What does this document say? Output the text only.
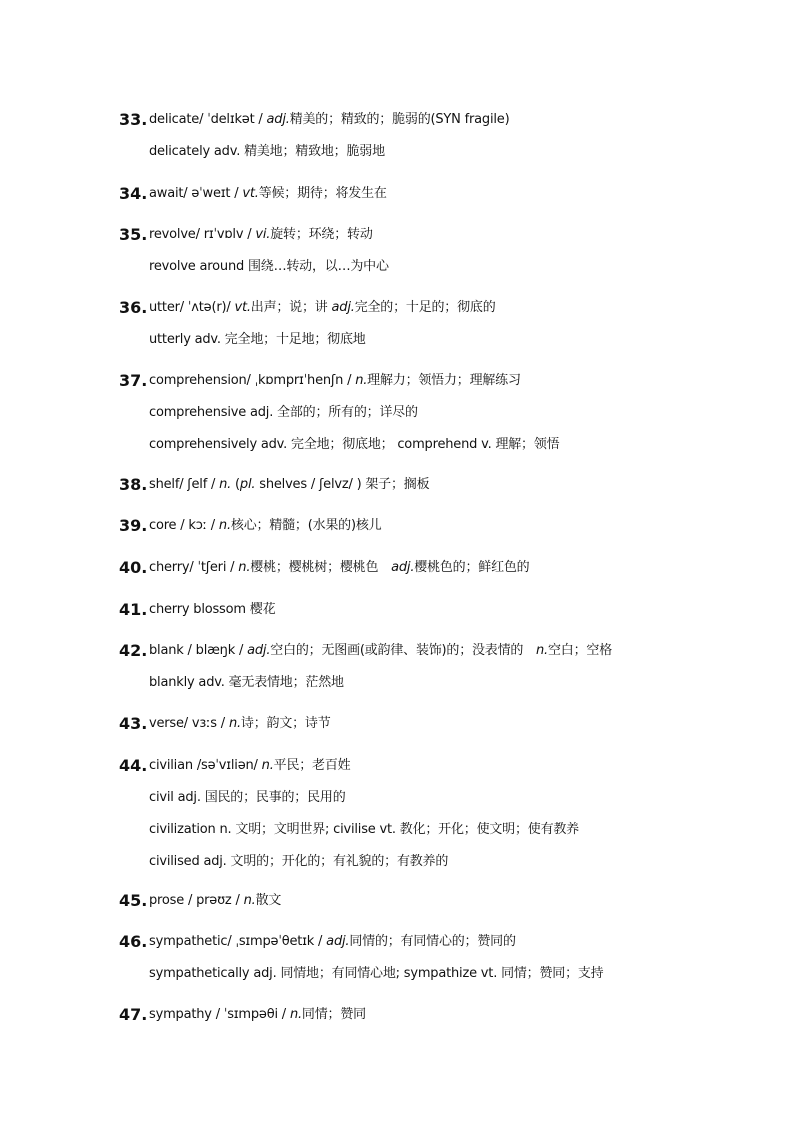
33. delicate/ ˈdelɪkət / adj.精美的；精致的；脆弱的(SYN fragile)
delicately adv. 精美地；精致地；脆弱地
34. await/ əˈweɪt / vt.等候；期待；将发生在
35. revolve/ rɪˈvɒlv / vi.旋转；环绕；转动
revolve around 围绕…转动，以…为中心
36. utter/ ˈʌtə(r)/ vt.出声；说；讲 adj.完全的；十足的；彻底的
utterly adv. 完全地；十足地；彻底地
37. comprehension/ ˌkɒmprɪˈhenʃn / n.理解力；领悟力；理解练习
comprehensive adj. 全部的；所有的；详尽的
comprehensively adv. 完全地；彻底地； comprehend v. 理解；领悟
38. shelf/ ʃelf / n. (pl. shelves / ʃelvz/ ) 架子；搁板
39. core / kɔː / n.核心；精髓；(水果的)核儿
40. cherry/ ˈtʃeri / n.樱桃；樱桃树；樱桃色　adj.樱桃色的；鲜红色的
41. cherry blossom 樱花
42. blank / blæŋk / adj.空白的；无图画(或韵律、装饰)的；没表情的　n.空白；空格
blankly adv. 毫无表情地；茫然地
43. verse/ vɜːs / n.诗；韵文；诗节
44. civilian /səˈvɪliən/ n.平民；老百姓
civil adj. 国民的；民事的；民用的
civilization n. 文明；文明世界; civilise vt. 教化；开化；使文明；使有教养
civilised adj. 文明的；开化的；有礼貌的；有教养的
45. prose / prəʊz / n.散文
46. sympathetic/ ˌsɪmpəˈθetɪk / adj.同情的；有同情心的；赞同的
sympathetically adj. 同情地；有同情心地; sympathize vt. 同情；赞同；支持
47. sympathy / ˈsɪmpəθi / n.同情；赞同
